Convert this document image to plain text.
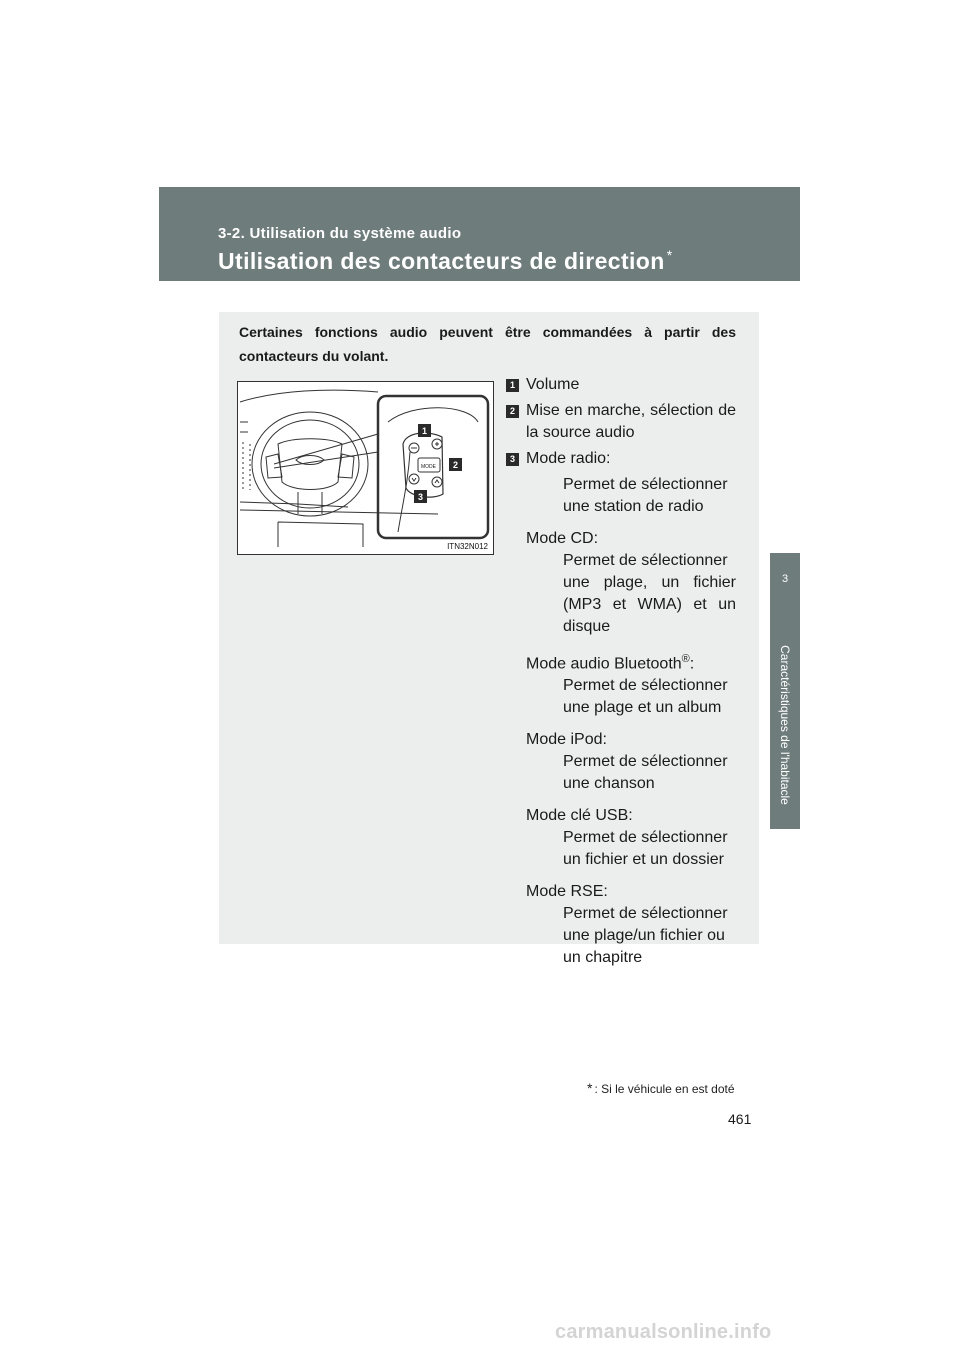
3-2. Utilisation du système audio
Utilisation des contacteurs de direction *
3
Caractéristiques de l'habitacle
Certaines fonctions audio peuvent être commandées à partir des
contacteurs du volant.
MODE
1
2
3
ITN32N012
1 Volume
2 Mise en marche, sélection de la source audio
3 Mode radio:
Permet de sélectionner
une station de radio
Mode CD:
Permet de sélectionner
une plage, un fichier
(MP3 et WMA) et un
disque
Mode audio Bluetooth®:
Permet de sélectionner
une plage et un album
Mode iPod:
Permet de sélectionner
une chanson
Mode clé USB:
Permet de sélectionner
un fichier et un dossier
Mode RSE:
Permet de sélectionner
une plage/un fichier ou
un chapitre
* : Si le véhicule en est doté
461
carmanualsonline.info
